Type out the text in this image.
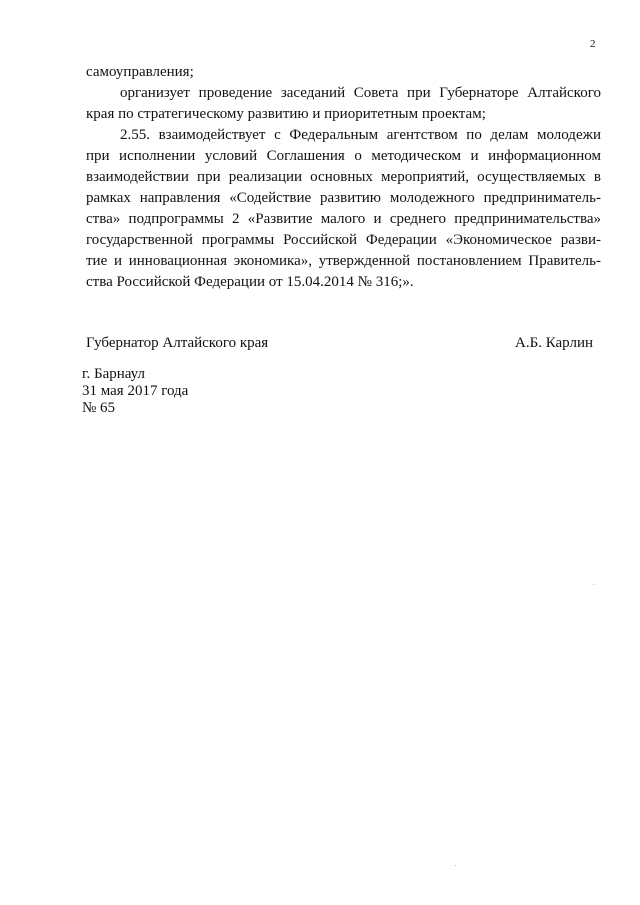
2
самоуправления;
организует проведение заседаний Совета при Губернаторе Алтайского
края по стратегическому развитию и приоритетным проектам;
2.55. взаимодействует с Федеральным агентством по делам молодежи
при исполнении условий Соглашения о методическом и информационном
взаимодействии при реализации основных мероприятий, осуществляемых в
рамках направления «Содействие развитию молодежного предприниматель-
ства» подпрограммы 2 «Развитие малого и среднего предпринимательства»
государственной программы Российской Федерации «Экономическое разви-
тие и инновационная экономика», утвержденной постановлением Правитель-
ства Российской Федерации от 15.04.2014 № 316;».
Губернатор Алтайского края	А.Б. Карлин
г. Барнаул
31 мая 2017 года
№ 65
